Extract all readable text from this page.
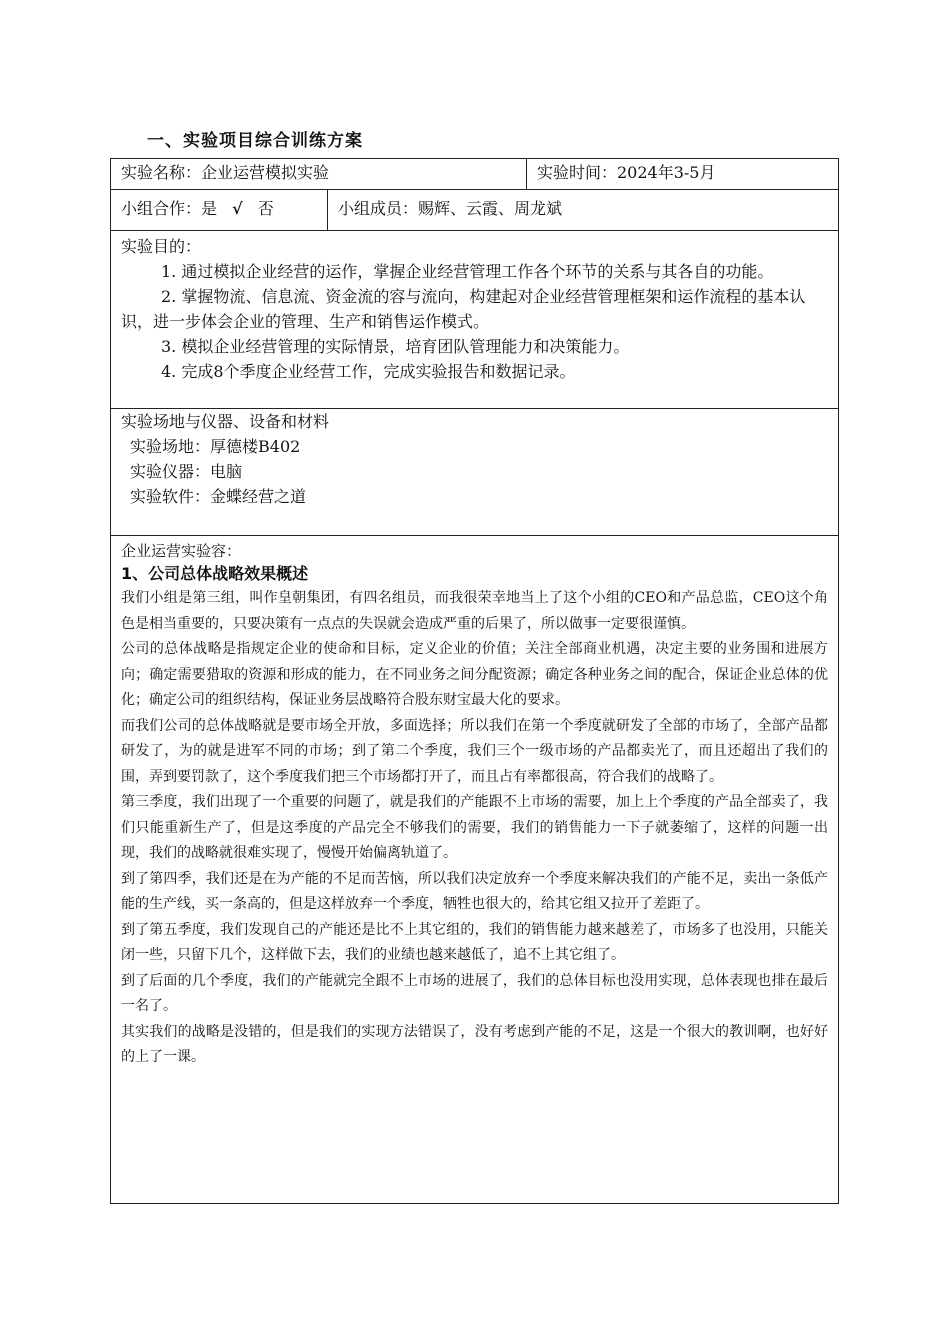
一、实验项目综合训练方案
实验名称：企业运营模拟实验	实验时间：2024年3-5月
小组合作：是 √ 否	小组成员：赐辉、云霞、周龙斌

实验目的：

1. 通过模拟企业经营的运作，掌握企业经营管理工作各个环节的关系与其各自的功能。

2. 掌握物流、信息流、资金流的容与流向，构建起对企业经营管理框架和运作流程的基本认识，进一步体会企业的管理、生产和销售运作模式。

3. 模拟企业经营管理的实际情景，培育团队管理能力和决策能力。

4. 完成8个季度企业经营工作，完成实验报告和数据记录。

实验场地与仪器、设备和材料

实验场地：厚德楼B402

实验仪器：电脑

实验软件：金蝶经营之道

企业运营实验容：

1、公司总体战略效果概述

我们小组是第三组，叫作皇朝集团，有四名组员，而我很荣幸地当上了这个小组的CEO和产品总监，CEO这个角色是相当重要的，只要决策有一点点的失误就会造成严重的后果了，所以做事一定要很谨慎。

公司的总体战略是指规定企业的使命和目标，定义企业的价值；关注全部商业机遇，决定主要的业务围和进展方向；确定需要猎取的资源和形成的能力，在不同业务之间分配资源；确定各种业务之间的配合，保证企业总体的优化；确定公司的组织结构，保证业务层战略符合股东财宝最大化的要求。

而我们公司的总体战略就是要市场全开放，多面选择；所以我们在第一个季度就研发了全部的市场了，全部产品都研发了，为的就是进军不同的市场；到了第二个季度，我们三个一级市场的产品都卖光了，而且还超出了我们的围，弄到要罚款了，这个季度我们把三个市场都打开了，而且占有率都很高，符合我们的战略了。

第三季度，我们出现了一个重要的问题了，就是我们的产能跟不上市场的需要，加上上个季度的产品全部卖了，我们只能重新生产了，但是这季度的产品完全不够我们的需要，我们的销售能力一下子就萎缩了，这样的问题一出现，我们的战略就很难实现了，慢慢开始偏离轨道了。

到了第四季，我们还是在为产能的不足而苦恼，所以我们决定放弃一个季度来解决我们的产能不足，卖出一条低产能的生产线，买一条高的，但是这样放弃一个季度，牺牲也很大的，给其它组又拉开了差距了。

到了第五季度，我们发现自己的产能还是比不上其它组的，我们的销售能力越来越差了，市场多了也没用，只能关闭一些，只留下几个，这样做下去，我们的业绩也越来越低了，追不上其它组了。

到了后面的几个季度，我们的产能就完全跟不上市场的进展了，我们的总体目标也没用实现，总体表现也排在最后一名了。

其实我们的战略是没错的，但是我们的实现方法错误了，没有考虑到产能的不足，这是一个很大的教训啊，也好好的上了一课。
